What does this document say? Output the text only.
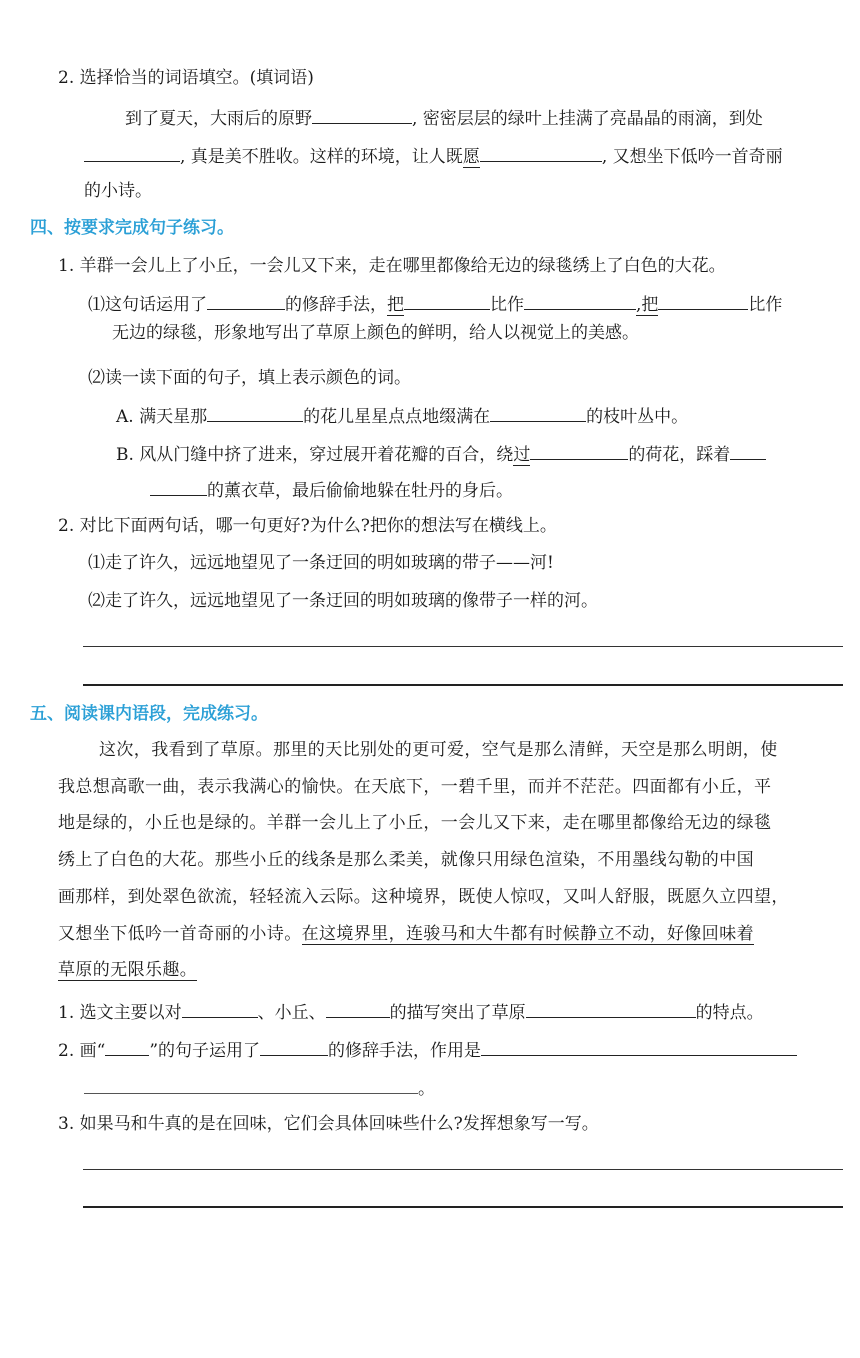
2. 选择恰当的词语填空。(填词语)
到了夏天，大雨后的原野	, 密密层层的绿叶上挂满了亮晶晶的雨滴，到处
, 真是美不胜收。这样的环境，让人既愿	, 又想坐下低吟一首奇丽
的小诗。
四、按要求完成句子练习。
1. 羊群一会儿上了小丘，一会儿又下来，走在哪里都像给无边的绿毯绣上了白色的大花。
⑴这句话运用了	的修辞手法，把	比作	,把	比作
无边的绿毯，形象地写出了草原上颜色的鲜明，给人以视觉上的美感。
⑵读一读下面的句子，填上表示颜色的词。
A. 满天星那	的花儿星星点点地缀满在	的枝叶丛中。
B. 风从门缝中挤了进来，穿过展开着花瓣的百合，绕过	的荷花，踩着
的薰衣草，最后偷偷地躲在牡丹的身后。
2. 对比下面两句话，哪一句更好?为什么?把你的想法写在横线上。
⑴走了许久，远远地望见了一条迂回的明如玻璃的带子——河!
⑵走了许久，远远地望见了一条迂回的明如玻璃的像带子一样的河。
五、阅读课内语段，完成练习。
这次，我看到了草原。那里的天比别处的更可爱，空气是那么清鲜，天空是那么明朗，使
我总想高歌一曲，表示我满心的愉快。在天底下，一碧千里，而并不茫茫。四面都有小丘，平
地是绿的，小丘也是绿的。羊群一会儿上了小丘，一会儿又下来，走在哪里都像给无边的绿毯
绣上了白色的大花。那些小丘的线条是那么柔美，就像只用绿色渲染，不用墨线勾勒的中国
画那样，到处翠色欲流，轻轻流入云际。这种境界，既使人惊叹，又叫人舒服，既愿久立四望，
又想坐下低吟一首奇丽的小诗。在这境界里，连骏马和大牛都有时候静立不动，好像回味着
草原的无限乐趣。
1. 选文主要以对	、小丘、	的描写突出了草原	的特点。
2. 画“	”的句子运用了	的修辞手法，作用是
。
3. 如果马和牛真的是在回味，它们会具体回味些什么?发挥想象写一写。
